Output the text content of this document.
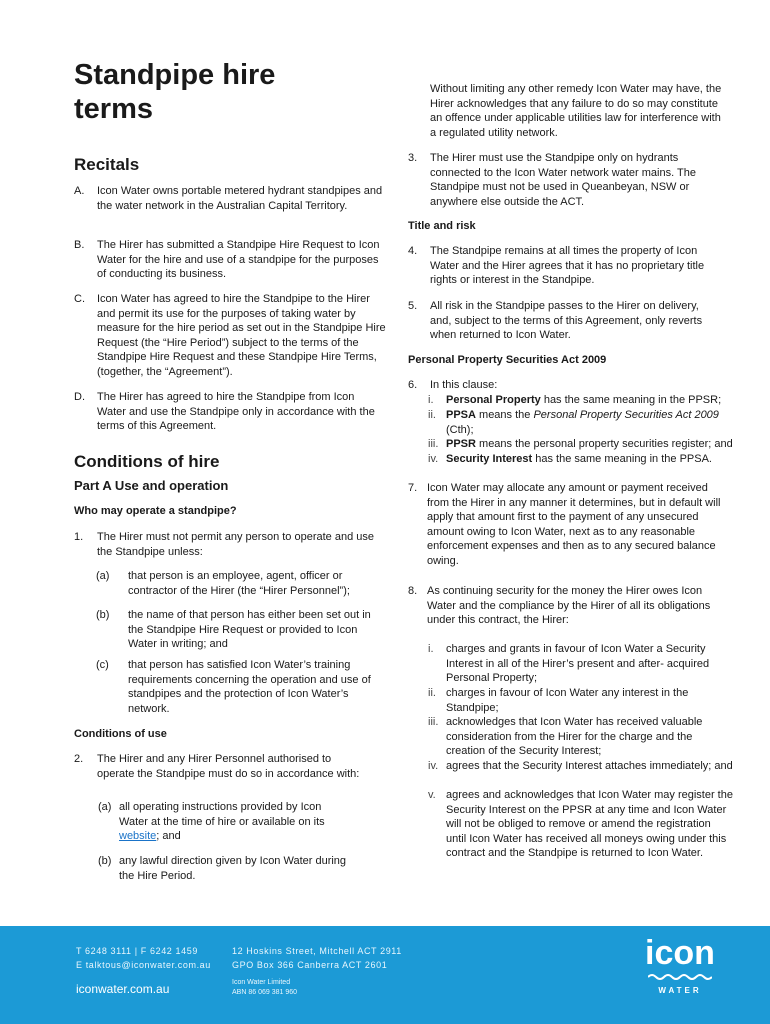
Standpipe hire
terms
Recitals
A. Icon Water owns portable metered hydrant standpipes and the water network in the Australian Capital Territory.
B. The Hirer has submitted a Standpipe Hire Request to Icon Water for the hire and use of a standpipe for the purposes of conducting its business.
C. Icon Water has agreed to hire the Standpipe to the Hirer and permit its use for the purposes of taking water by measure for the hire period as set out in the Standpipe Hire Request (the “Hire Period”) subject to the terms of the Standpipe Hire Request and these Standpipe Hire Terms, (together, the “Agreement”).
D. The Hirer has agreed to hire the Standpipe from Icon Water and use the Standpipe only in accordance with the terms of this Agreement.
Conditions of hire
Part A Use and operation
Who may operate a standpipe?
1. The Hirer must not permit any person to operate and use the Standpipe unless:
(a) that person is an employee, agent, officer or contractor of the Hirer (the “Hirer Personnel”);
(b) the name of that person has either been set out in the Standpipe Hire Request or provided to Icon Water in writing; and
(c) that person has satisfied Icon Water’s training requirements concerning the operation and use of standpipes and the protection of Icon Water’s network.
Conditions of use
2. The Hirer and any Hirer Personnel authorised to operate the Standpipe must do so in accordance with:
(a) all operating instructions provided by Icon Water at the time of hire or available on its website; and
(b) any lawful direction given by Icon Water during the Hire Period.
Without limiting any other remedy Icon Water may have, the Hirer acknowledges that any failure to do so may constitute an offence under applicable utilities law for interference with a regulated utility network.
3. The Hirer must use the Standpipe only on hydrants connected to the Icon Water network water mains. The Standpipe must not be used in Queanbeyan, NSW or anywhere else outside the ACT.
Title and risk
4. The Standpipe remains at all times the property of Icon Water and the Hirer agrees that it has no proprietary title rights or interest in the Standpipe.
5. All risk in the Standpipe passes to the Hirer on delivery, and, subject to the terms of this Agreement, only reverts when returned to Icon Water.
Personal Property Securities Act 2009
6. In this clause:
i. Personal Property has the same meaning in the PPSR;
ii. PPSA means the Personal Property Securities Act 2009
(Cth);
iii. PPSR means the personal property securities register; and
iv. Security Interest has the same meaning in the PPSA.
7. Icon Water may allocate any amount or payment received from the Hirer in any manner it determines, but in default will apply that amount first to the payment of any unsecured amount owing to Icon Water, next as to any reasonable enforcement expenses and then as to any secured balance owing.
8. As continuing security for the money the Hirer owes Icon Water and the compliance by the Hirer of all its obligations under this contract, the Hirer:
i. charges and grants in favour of Icon Water a Security Interest in all of the Hirer’s present and after- acquired Personal Property;
ii. charges in favour of Icon Water any interest in the Standpipe;
iii. acknowledges that Icon Water has received valuable consideration from the Hirer for the charge and the creation of the Security Interest;
iv. agrees that the Security Interest attaches immediately; and
v. agrees and acknowledges that Icon Water may register the Security Interest on the PPSR at any time and Icon Water will not be obliged to remove or amend the registration until Icon Water has received all moneys owing under this contract and the Standpipe is returned to Icon Water.
T 6248 3111 | F 6242 1459
E talktous@iconwater.com.au
12 Hoskins Street, Mitchell ACT 2911
GPO Box 366 Canberra ACT 2601
iconwater.com.au	Icon Water Limited
ABN 86 069 381 960
icon
WATER
